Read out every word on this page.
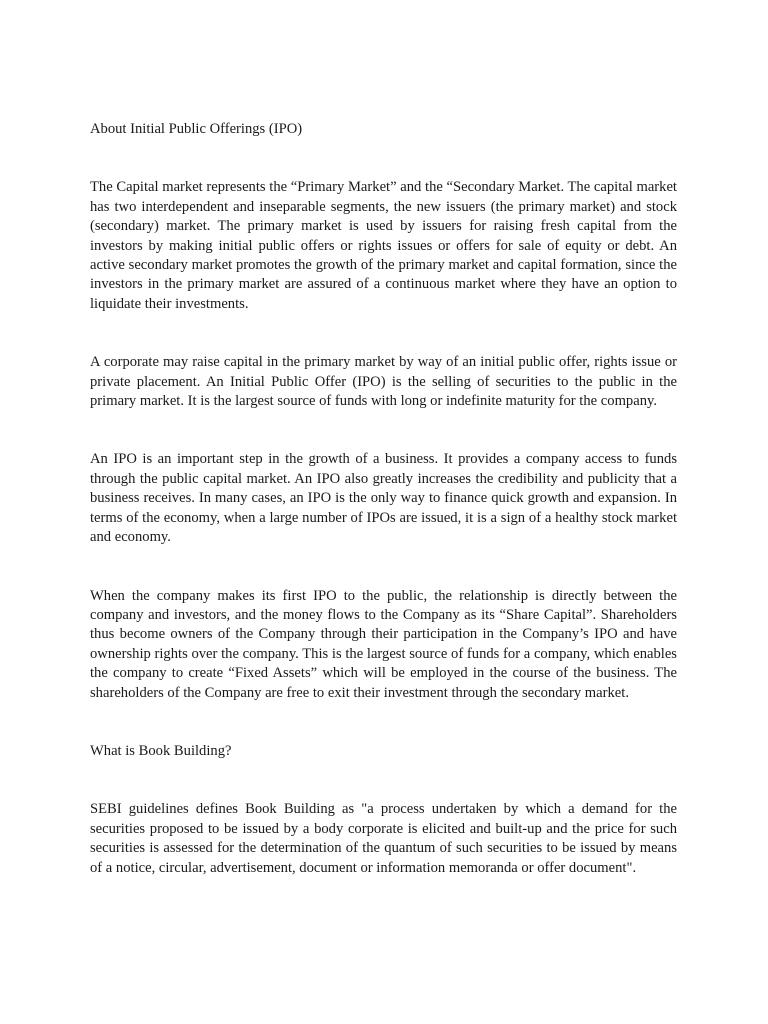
About Initial Public Offerings (IPO)

The Capital market represents the “Primary Market” and the “Secondary Market. The capital market has two interdependent and inseparable segments, the new issuers (the primary market) and stock (secondary) market. The primary market is used by issuers for raising fresh capital from the investors by making initial public offers or rights issues or offers for sale of equity or debt. An active secondary market promotes the growth of the primary market and capital formation, since the investors in the primary market are assured of a continuous market where they have an option to liquidate their investments.

A corporate may raise capital in the primary market by way of an initial public offer, rights issue or private placement. An Initial Public Offer (IPO) is the selling of securities to the public in the primary market. It is the largest source of funds with long or indefinite maturity for the company.

An IPO is an important step in the growth of a business. It provides a company access to funds through the public capital market. An IPO also greatly increases the credibility and publicity that a business receives. In many cases, an IPO is the only way to finance quick growth and expansion. In terms of the economy, when a large number of IPOs are issued, it is a sign of a healthy stock market and economy.

When the company makes its first IPO to the public, the relationship is directly between the company and investors, and the money flows to the Company as its “Share Capital”. Shareholders thus become owners of the Company through their participation in the Company’s IPO and have ownership rights over the company. This is the largest source of funds for a company, which enables the company to create “Fixed Assets” which will be employed in the course of the business. The shareholders of the Company are free to exit their investment through the secondary market.

What is Book Building?

SEBI guidelines defines Book Building as "a process undertaken by which a demand for the securities proposed to be issued by a body corporate is elicited and built-up and the price for such securities is assessed for the determination of the quantum of such securities to be issued by means of a notice, circular, advertisement, document or information memoranda or offer document".
